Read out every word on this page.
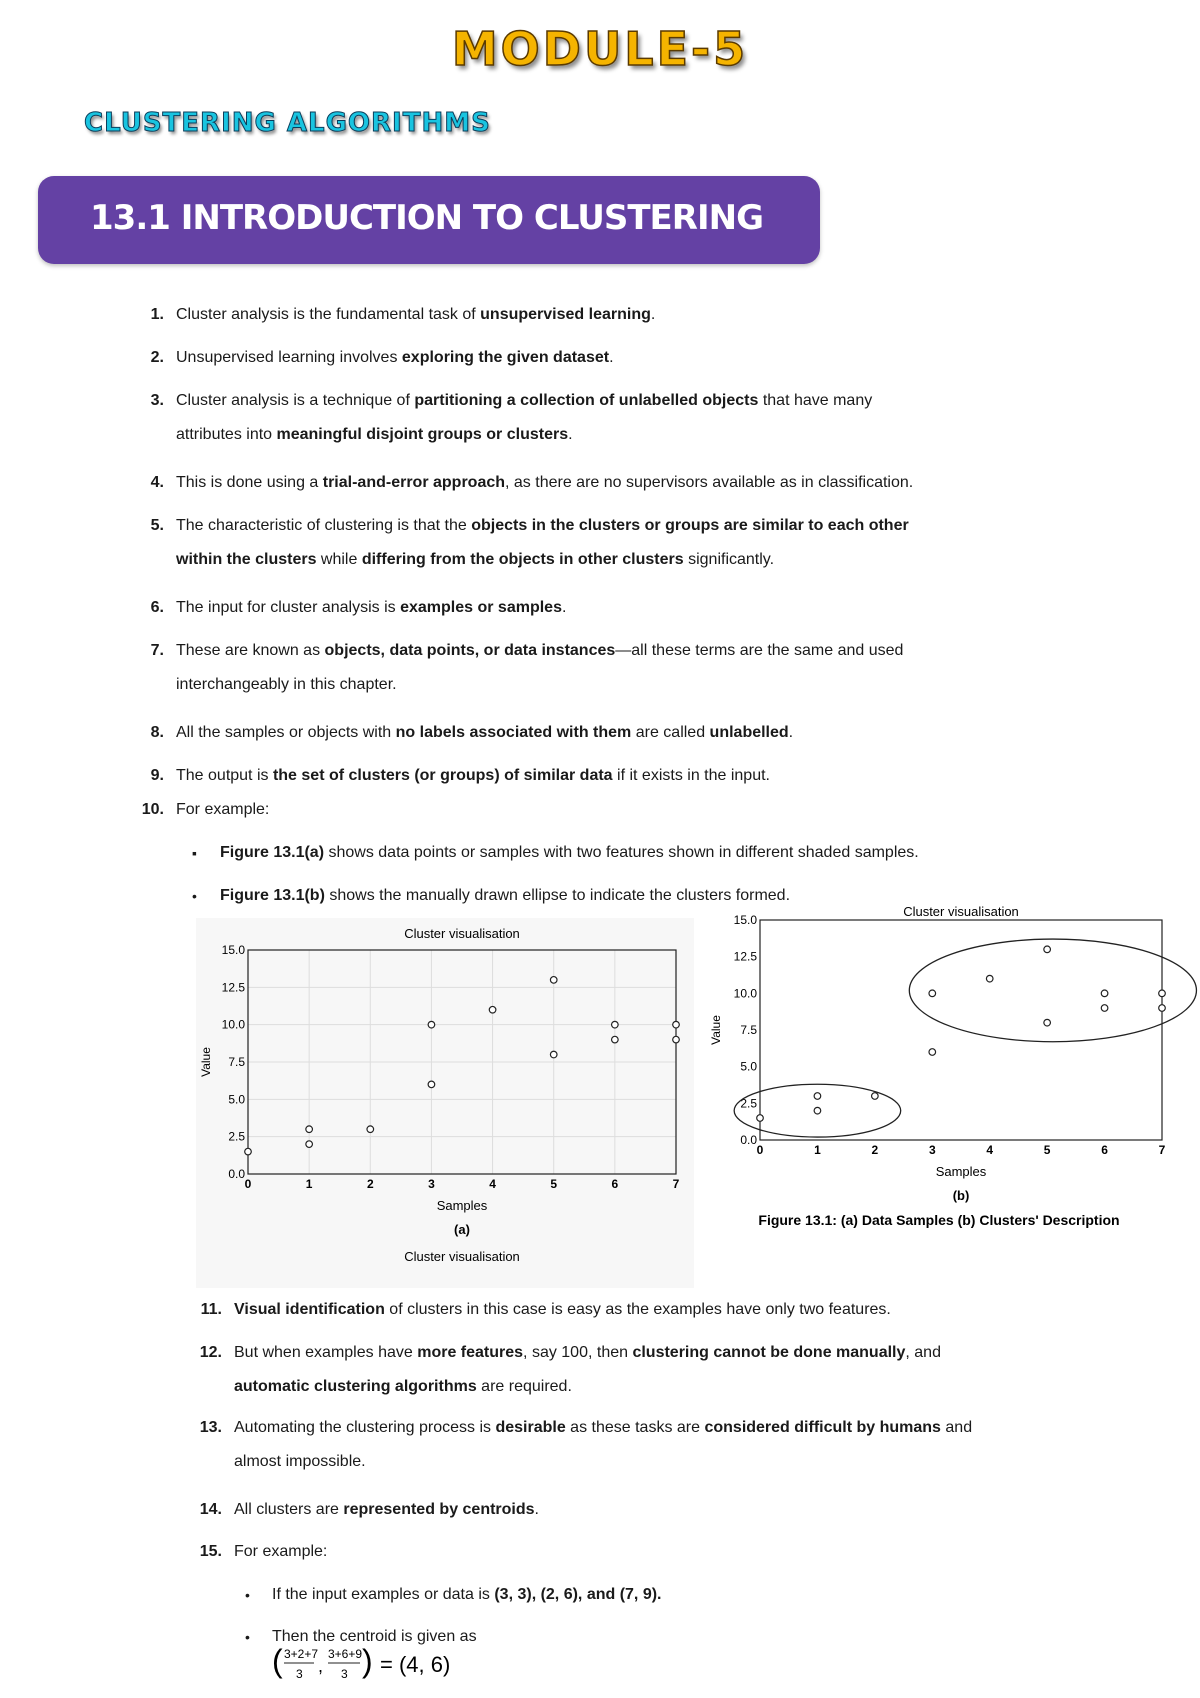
MODULE-5
CLUSTERING ALGORITHMS
13.1 INTRODUCTION TO CLUSTERING
1. Cluster analysis is the fundamental task of unsupervised learning.
2. Unsupervised learning involves exploring the given dataset.
3. Cluster analysis is a technique of partitioning a collection of unlabelled objects that have many
attributes into meaningful disjoint groups or clusters.
4. This is done using a trial-and-error approach, as there are no supervisors available as in classification.
5. The characteristic of clustering is that the objects in the clusters or groups are similar to each other
within the clusters while differing from the objects in other clusters significantly.
6. The input for cluster analysis is examples or samples.
7. These are known as objects, data points, or data instances—all these terms are the same and used
interchangeably in this chapter.
8. All the samples or objects with no labels associated with them are called unlabelled.
9. The output is the set of clusters (or groups) of similar data if it exists in the input.
10. For example:
▪ Figure 13.1(a) shows data points or samples with two features shown in different shaded samples.
• Figure 13.1(b) shows the manually drawn ellipse to indicate the clusters formed.
11. Visual identification of clusters in this case is easy as the examples have only two features.
12. But when examples have more features, say 100, then clustering cannot be done manually, and
automatic clustering algorithms are required.
13. Automating the clustering process is desirable as these tasks are considered difficult by humans and
almost impossible.
14. All clusters are represented by centroids.
15. For example:
• If the input examples or data is (3, 3), (2, 6), and (7, 9).
• Then the centroid is given as
Cluster visualisation
0	1	2	3	4	5	6	7
0.0
2.5
5.0
7.5
10.0
12.5
15.0
Samples
Value
(a)
Cluster visualisation
Cluster visualisation
0	1	2	3	4	5	6	7
0.0
2.5
5.0
7.5
10.0
12.5
15.0
Samples
Value
(b)
Figure 13.1: (a) Data Samples (b) Clusters' Description
( 3+2+7
3 ,
3+6+9
3 ) = (4, 6)
